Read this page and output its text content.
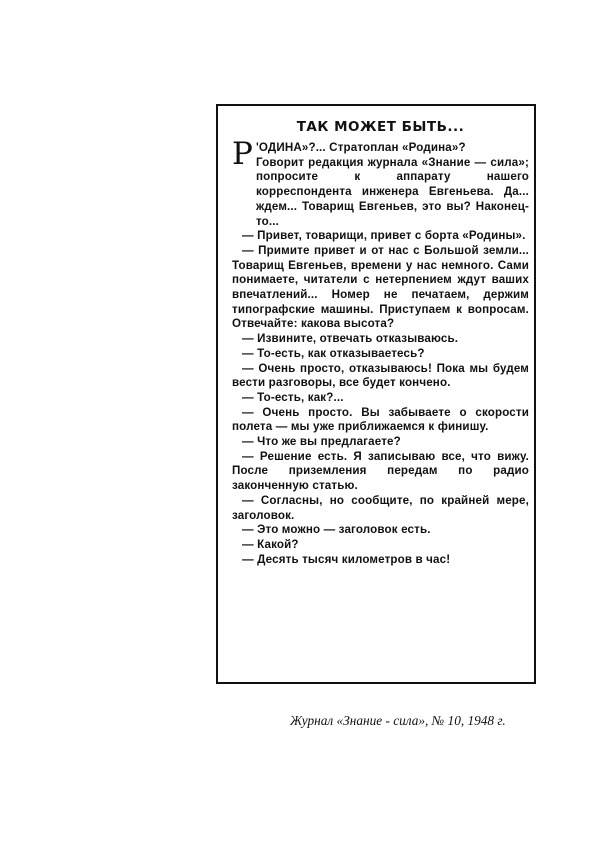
ТАК МОЖЕТ БЫТЬ...
Р 'ОДИНА»?... Стратоплан «Родина»?
Говорит редакция журнала «Знание — сила»; попросите к аппарату нашего корреспондента инженера Евгеньева. Да... ждем... Товарищ Евгеньев, это вы? Наконец-то...

— Привет, товарищи, привет с борта «Родины».

— Примите привет и от нас с Большой земли... Товарищ Евгеньев, времени у нас немного. Сами понимаете, читатели с нетерпением ждут ваших впечатлений... Номер не печатаем, держим типографские машины. Приступаем к вопросам. Отвечайте: какова высота?

— Извините, отвечать отказываюсь.

— То-есть, как отказываетесь?

— Очень просто, отказываюсь! Пока мы будем вести разговоры, все будет кончено.

— То-есть, как?...

— Очень просто. Вы забываете о скорости полета — мы уже приближаемся к финишу.

— Что же вы предлагаете?

— Решение есть. Я записываю все, что вижу. После приземления передам по радио законченную статью.

— Согласны, но сообщите, по крайней мере, заголовок.

— Это можно — заголовок есть.

— Какой?

— Десять тысяч километров в час!

Журнал «Знание - сила», № 10, 1948 г.
